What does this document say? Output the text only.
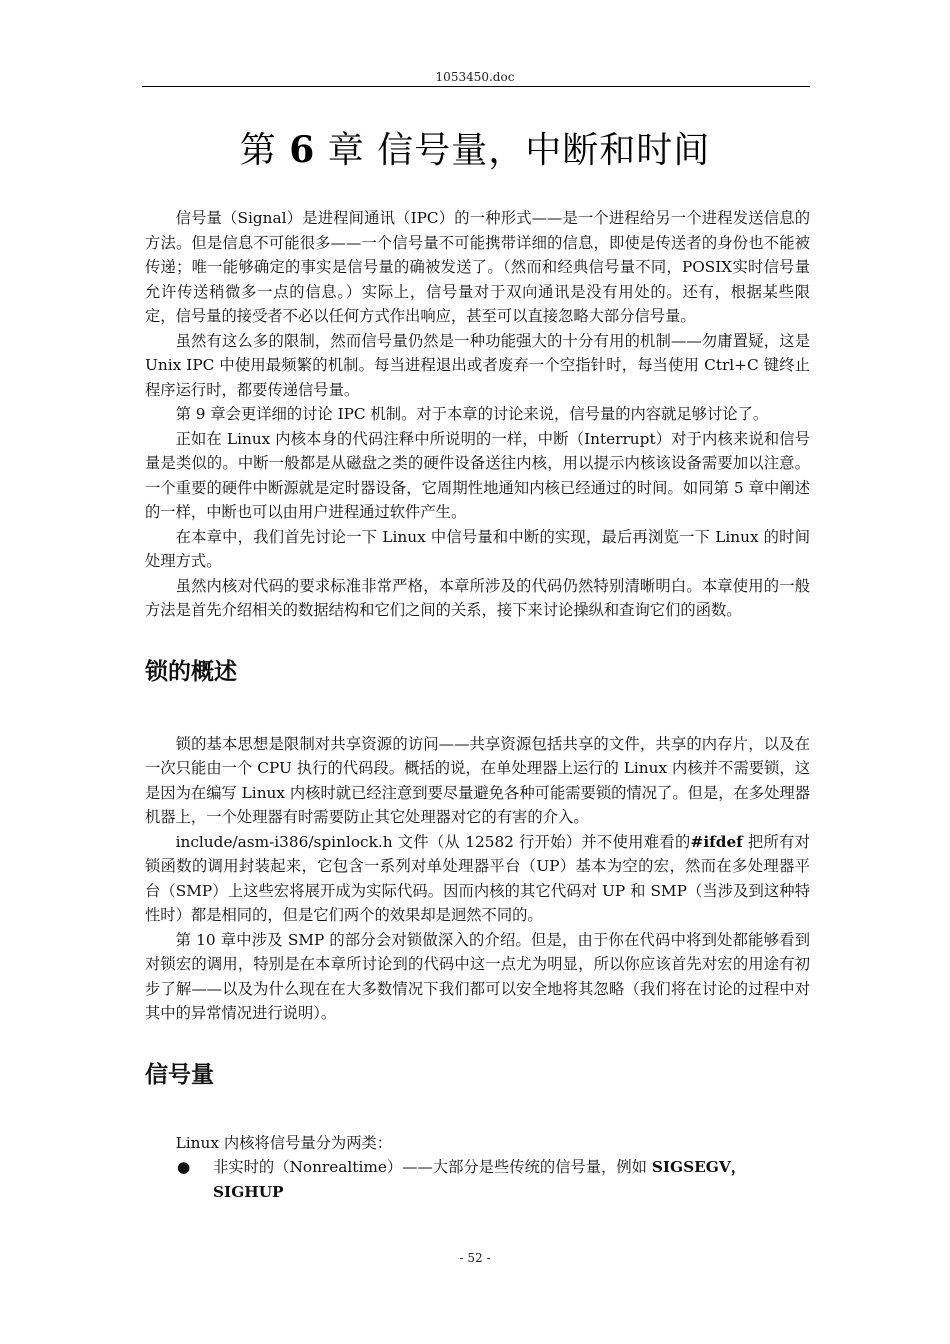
1053450.doc
第 6 章 信号量，中断和时间

信号量（Signal）是进程间通讯（IPC）的一种形式——是一个进程给另一个进程发送信息的方法。但是信息不可能很多——一个信号量不可能携带详细的信息，即使是传送者的身份也不能被传递；唯一能够确定的事实是信号量的确被发送了。（然而和经典信号量不同，POSIX实时信号量允许传送稍微多一点的信息。）实际上，信号量对于双向通讯是没有用处的。还有，根据某些限定，信号量的接受者不必以任何方式作出响应，甚至可以直接忽略大部分信号量。

虽然有这么多的限制，然而信号量仍然是一种功能强大的十分有用的机制——勿庸置疑，这是 Unix IPC 中使用最频繁的机制。每当进程退出或者废弃一个空指针时，每当使用 Ctrl+C 键终止程序运行时，都要传递信号量。

第 9 章会更详细的讨论 IPC 机制。对于本章的讨论来说，信号量的内容就足够讨论了。

正如在 Linux 内核本身的代码注释中所说明的一样，中断（Interrupt）对于内核来说和信号量是类似的。中断一般都是从磁盘之类的硬件设备送往内核，用以提示内核该设备需要加以注意。一个重要的硬件中断源就是定时器设备，它周期性地通知内核已经通过的时间。如同第 5 章中阐述的一样，中断也可以由用户进程通过软件产生。

在本章中，我们首先讨论一下 Linux 中信号量和中断的实现，最后再浏览一下 Linux 的时间处理方式。

虽然内核对代码的要求标准非常严格，本章所涉及的代码仍然特别清晰明白。本章使用的一般方法是首先介绍相关的数据结构和它们之间的关系，接下来讨论操纵和查询它们的函数。

锁的概述

锁的基本思想是限制对共享资源的访问——共享资源包括共享的文件，共享的内存片，以及在一次只能由一个 CPU 执行的代码段。概括的说，在单处理器上运行的 Linux 内核并不需要锁，这是因为在编写 Linux 内核时就已经注意到要尽量避免各种可能需要锁的情况了。但是，在多处理器机器上，一个处理器有时需要防止其它处理器对它的有害的介入。

include/asm-i386/spinlock.h 文件（从 12582 行开始）并不使用难看的#ifdef 把所有对锁函数的调用封装起来，它包含一系列对单处理器平台（UP）基本为空的宏，然而在多处理器平台（SMP）上这些宏将展开成为实际代码。因而内核的其它代码对 UP 和 SMP（当涉及到这种特性时）都是相同的，但是它们两个的效果却是迥然不同的。

第 10 章中涉及 SMP 的部分会对锁做深入的介绍。但是，由于你在代码中将到处都能够看到对锁宏的调用，特别是在本章所讨论到的代码中这一点尤为明显，所以你应该首先对宏的用途有初步了解——以及为什么现在在大多数情况下我们都可以安全地将其忽略（我们将在讨论的过程中对其中的异常情况进行说明）。

信号量

Linux 内核将信号量分为两类：

●	非实时的（Nonrealtime）——大部分是些传统的信号量，例如 SIGSEGV，SIGHUP
- 52 -
